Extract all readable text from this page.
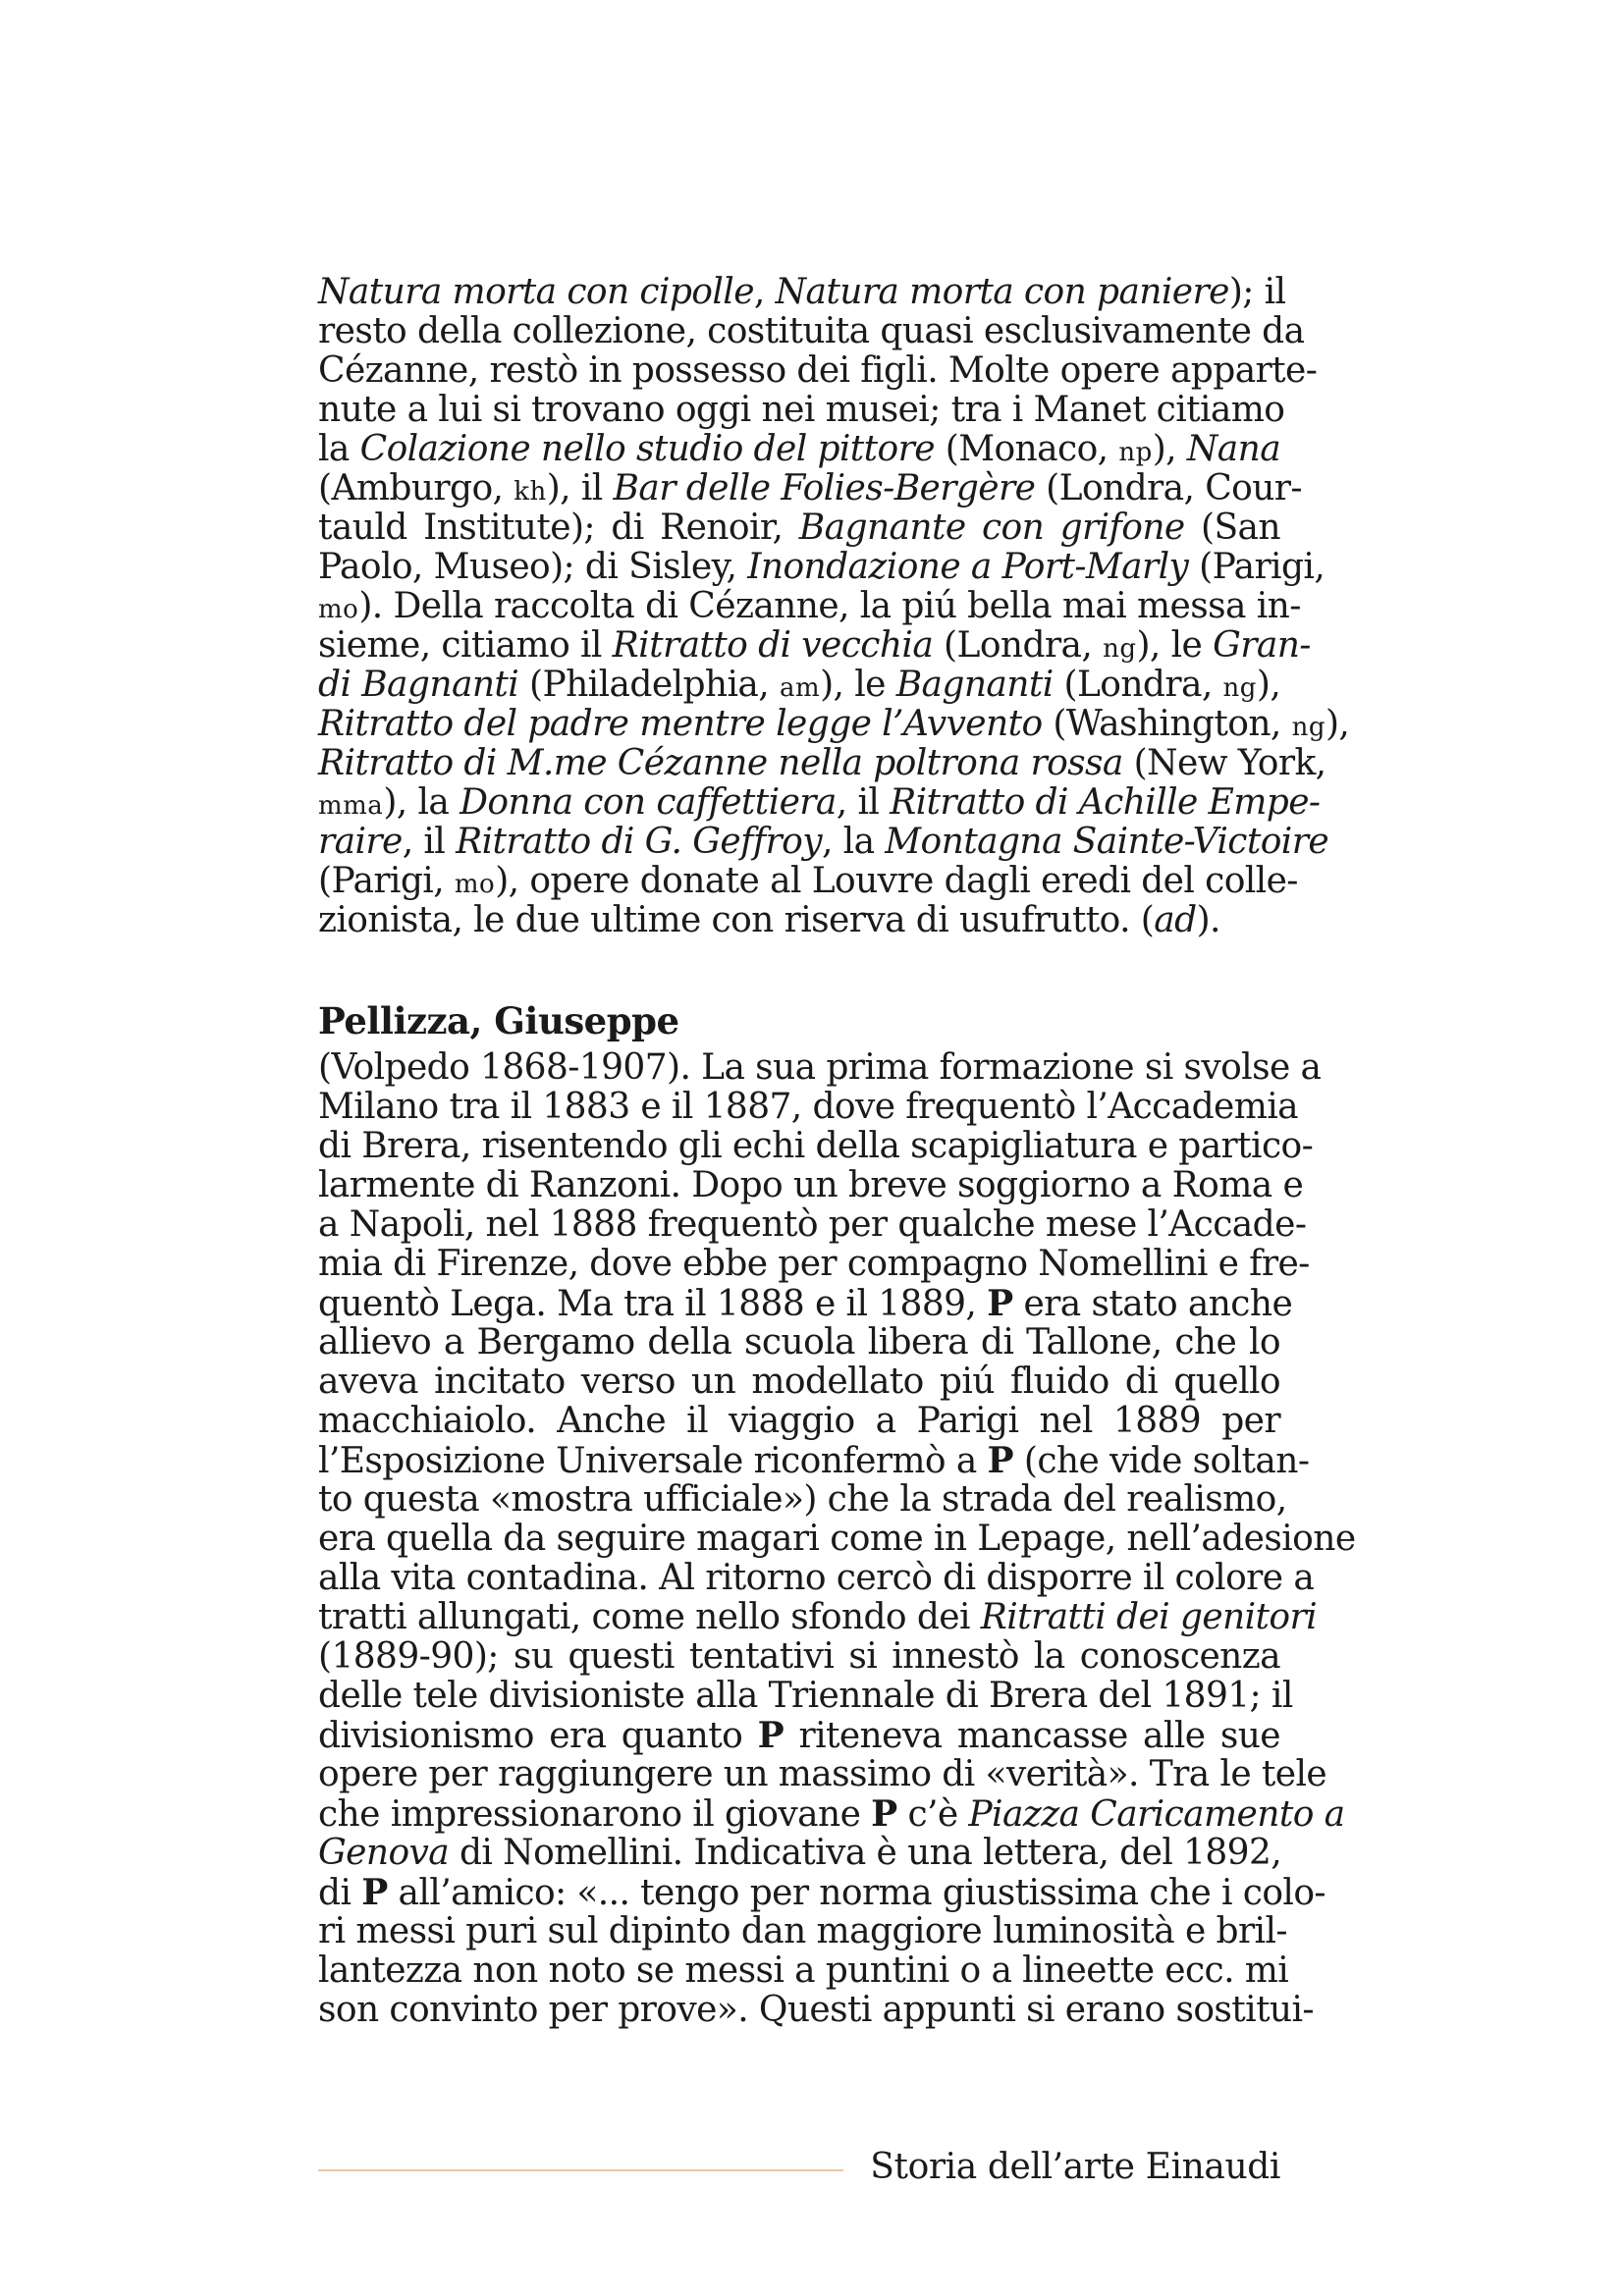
Natura morta con cipolle, Natura morta con paniere); il
resto della collezione, costituita quasi esclusivamente da
Cézanne, restò in possesso dei figli. Molte opere apparte-
nute a lui si trovano oggi nei musei; tra i Manet citiamo
la Colazione nello studio del pittore (Monaco, np), Nana
(Amburgo, kh), il Bar delle Folies-Bergère (Londra, Cour-
tauld Institute); di Renoir, Bagnante con grifone (San
Paolo, Museo); di Sisley, Inondazione a Port-Marly (Parigi,
mo). Della raccolta di Cézanne, la piú bella mai messa in-
sieme, citiamo il Ritratto di vecchia (Londra, ng), le Gran-
di Bagnanti (Philadelphia, am), le Bagnanti (Londra, ng),
Ritratto del padre mentre legge l’Avvento (Washington, ng),
Ritratto di M.me Cézanne nella poltrona rossa (New York,
mma), la Donna con caffettiera, il Ritratto di Achille Empe-
raire, il Ritratto di G. Geffroy, la Montagna Sainte-Victoire
(Parigi, mo), opere donate al Louvre dagli eredi del colle-
zionista, le due ultime con riserva di usufrutto. (ad).
Pellizza, Giuseppe
(Volpedo 1868-1907). La sua prima formazione si svolse a
Milano tra il 1883 e il 1887, dove frequentò l’Accademia
di Brera, risentendo gli echi della scapigliatura e partico-
larmente di Ranzoni. Dopo un breve soggiorno a Roma e
a Napoli, nel 1888 frequentò per qualche mese l’Accade-
mia di Firenze, dove ebbe per compagno Nomellini e fre-
quentò Lega. Ma tra il 1888 e il 1889, P era stato anche
allievo a Bergamo della scuola libera di Tallone, che lo
aveva incitato verso un modellato piú fluido di quello
macchiaiolo. Anche il viaggio a Parigi nel 1889 per
l’Esposizione Universale riconfermò a P (che vide soltan-
to questa «mostra ufficiale») che la strada del realismo,
era quella da seguire magari come in Lepage, nell’adesione
alla vita contadina. Al ritorno cercò di disporre il colore a
tratti allungati, come nello sfondo dei Ritratti dei genitori
(1889-90); su questi tentativi si innestò la conoscenza
delle tele divisioniste alla Triennale di Brera del 1891; il
divisionismo era quanto P riteneva mancasse alle sue
opere per raggiungere un massimo di «verità». Tra le tele
che impressionarono il giovane P c’è Piazza Caricamento a
Genova di Nomellini. Indicativa è una lettera, del 1892,
di P all’amico: «... tengo per norma giustissima che i colo-
ri messi puri sul dipinto dan maggiore luminosità e bril-
lantezza non noto se messi a puntini o a lineette ecc. mi
son convinto per prove». Questi appunti si erano sostitui-
Storia dell’arte Einaudi
